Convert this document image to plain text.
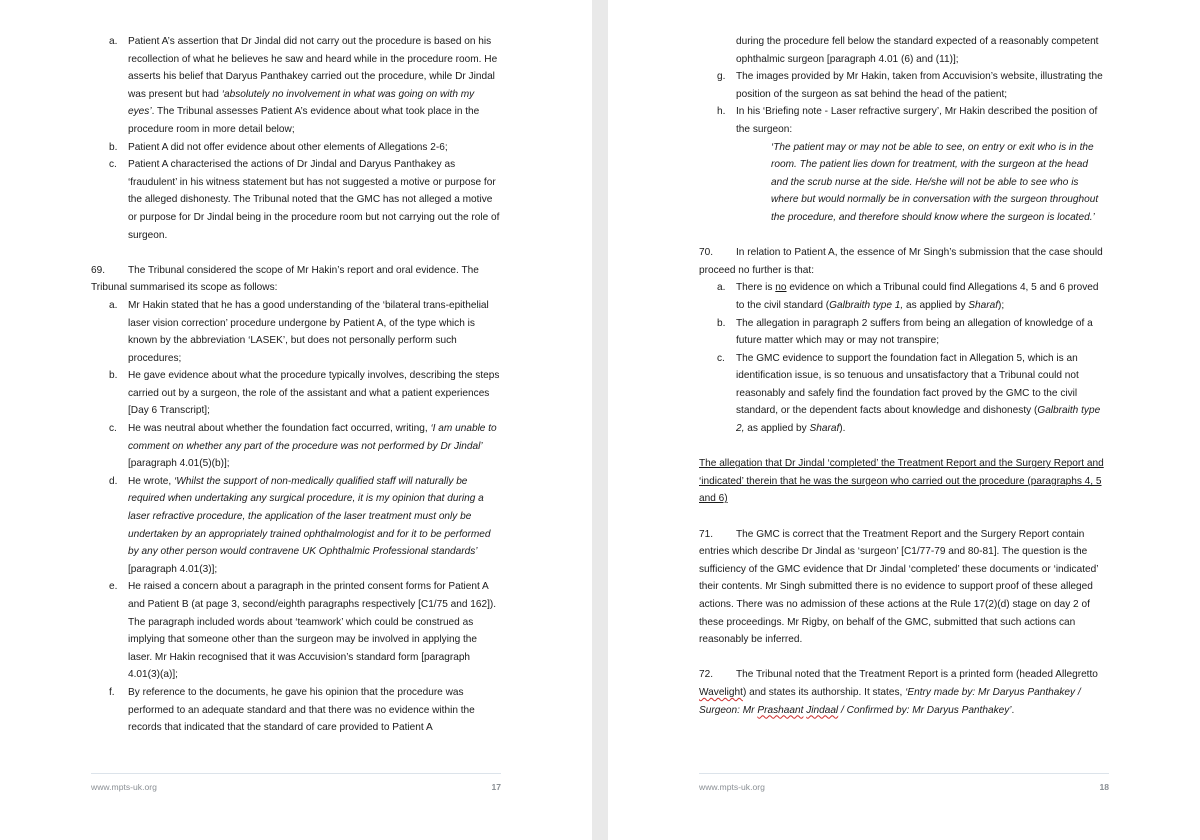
a. Patient A’s assertion that Dr Jindal did not carry out the procedure is based on his recollection of what he believes he saw and heard while in the procedure room. He asserts his belief that Daryus Panthakey carried out the procedure, while Dr Jindal was present but had ‘absolutely no involvement in what was going on with my eyes’. The Tribunal assesses Patient A’s evidence about what took place in the procedure room in more detail below;
b. Patient A did not offer evidence about other elements of Allegations 2-6;
c. Patient A characterised the actions of Dr Jindal and Daryus Panthakey as ‘fraudulent’ in his witness statement but has not suggested a motive or purpose for the alleged dishonesty. The Tribunal noted that the GMC has not alleged a motive or purpose for Dr Jindal being in the procedure room but not carrying out the role of surgeon.
69. The Tribunal considered the scope of Mr Hakin’s report and oral evidence. The Tribunal summarised its scope as follows:
a. Mr Hakin stated that he has a good understanding of the ‘bilateral trans-epithelial laser vision correction’ procedure undergone by Patient A, of the type which is known by the abbreviation ‘LASEK’, but does not personally perform such procedures;
b. He gave evidence about what the procedure typically involves, describing the steps carried out by a surgeon, the role of the assistant and what a patient experiences [Day 6 Transcript];
c. He was neutral about whether the foundation fact occurred, writing, ‘I am unable to comment on whether any part of the procedure was not performed by Dr Jindal’ [paragraph 4.01(5)(b)];
d. He wrote, ‘Whilst the support of non-medically qualified staff will naturally be required when undertaking any surgical procedure, it is my opinion that during a laser refractive procedure, the application of the laser treatment must only be undertaken by an appropriately trained ophthalmologist and for it to be performed by any other person would contravene UK Ophthalmic Professional standards’ [paragraph 4.01(3)];
e. He raised a concern about a paragraph in the printed consent forms for Patient A and Patient B (at page 3, second/eighth paragraphs respectively [C1/75 and 162]). The paragraph included words about ‘teamwork’ which could be construed as implying that someone other than the surgeon may be involved in applying the laser. Mr Hakin recognised that it was Accuvision’s standard form [paragraph 4.01(3)(a)];
f. By reference to the documents, he gave his opinion that the procedure was performed to an adequate standard and that there was no evidence within the records that indicated that the standard of care provided to Patient A
www.mpts-uk.org	17
during the procedure fell below the standard expected of a reasonably competent ophthalmic surgeon [paragraph 4.01 (6) and (11)];
g. The images provided by Mr Hakin, taken from Accuvision’s website, illustrating the position of the surgeon as sat behind the head of the patient;
h. In his ‘Briefing note - Laser refractive surgery’, Mr Hakin described the position of the surgeon:
‘The patient may or may not be able to see, on entry or exit who is in the room. The patient lies down for treatment, with the surgeon at the head and the scrub nurse at the side. He/she will not be able to see who is where but would normally be in conversation with the surgeon throughout the procedure, and therefore should know where the surgeon is located.’
70. In relation to Patient A, the essence of Mr Singh’s submission that the case should proceed no further is that:
a. There is no evidence on which a Tribunal could find Allegations 4, 5 and 6 proved to the civil standard (Galbraith type 1, as applied by Sharaf);
b. The allegation in paragraph 2 suffers from being an allegation of knowledge of a future matter which may or may not transpire;
c. The GMC evidence to support the foundation fact in Allegation 5, which is an identification issue, is so tenuous and unsatisfactory that a Tribunal could not reasonably and safely find the foundation fact proved by the GMC to the civil standard, or the dependent facts about knowledge and dishonesty (Galbraith type 2, as applied by Sharaf).
The allegation that Dr Jindal ‘completed’ the Treatment Report and the Surgery Report and ‘indicated’ therein that he was the surgeon who carried out the procedure (paragraphs 4, 5 and 6)
71. The GMC is correct that the Treatment Report and the Surgery Report contain entries which describe Dr Jindal as ‘surgeon’ [C1/77-79 and 80-81]. The question is the sufficiency of the GMC evidence that Dr Jindal ‘completed’ these documents or ‘indicated’ their contents. Mr Singh submitted there is no evidence to support proof of these alleged actions. There was no admission of these actions at the Rule 17(2)(d) stage on day 2 of these proceedings. Mr Rigby, on behalf of the GMC, submitted that such actions can reasonably be inferred.
72. The Tribunal noted that the Treatment Report is a printed form (headed Allegretto Wavelight) and states its authorship. It states, ‘Entry made by: Mr Daryus Panthakey / Surgeon: Mr Prashaant Jindaal / Confirmed by: Mr Daryus Panthakey’.
www.mpts-uk.org	18
